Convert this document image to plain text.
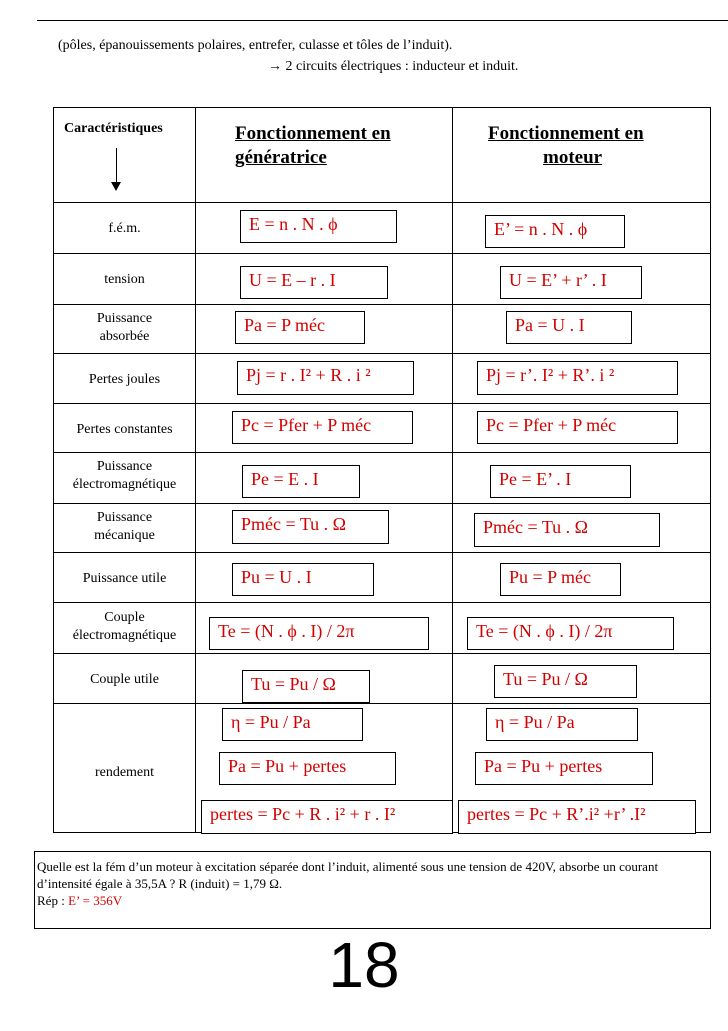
(pôles, épanouissements polaires, entrefer, culasse et tôles de l’induit).
→ 2 circuits électriques : inducteur et induit.
Caractéristiques	Fonctionnement en
génératrice
Fonctionnement en
moteur
f.é.m.
tension
Puissance absorbée
Pertes joules
Pertes constantes
Puissance électromagnétique
Puissance mécanique
Puissance utile
Couple électromagnétique
Couple utile
rendement
E = n . N . ϕ
U = E – r . I
Pa = P méc
Pj = r . I² + R . i ²
Pc = Pfer + P méc
Pe = E . I
Pméc = Tu . Ω
Pu = U . I
Te = (N . ϕ . I) / 2π
Tu = Pu / Ω
η = Pu / Pa
Pa = Pu + pertes
pertes = Pc + R . i² + r . I²
E’ = n . N . ϕ
U = E’ + r’ . I
Pa = U . I
Pj = r’. I² + R’. i ²
Pc = Pfer + P méc
Pe = E’ . I
Pméc = Tu . Ω
Pu = P méc
Te = (N . ϕ . I) / 2π
Tu = Pu / Ω
η = Pu / Pa
Pa = Pu + pertes
pertes = Pc + R’.i² +r’ .I²
Quelle est la fém d’un moteur à excitation séparée dont l’induit, alimenté sous une tension de 420V, absorbe un courant d’intensité égale à 35,5A ? R (induit) = 1,79 Ω.
Rép : E’ = 356V
18
